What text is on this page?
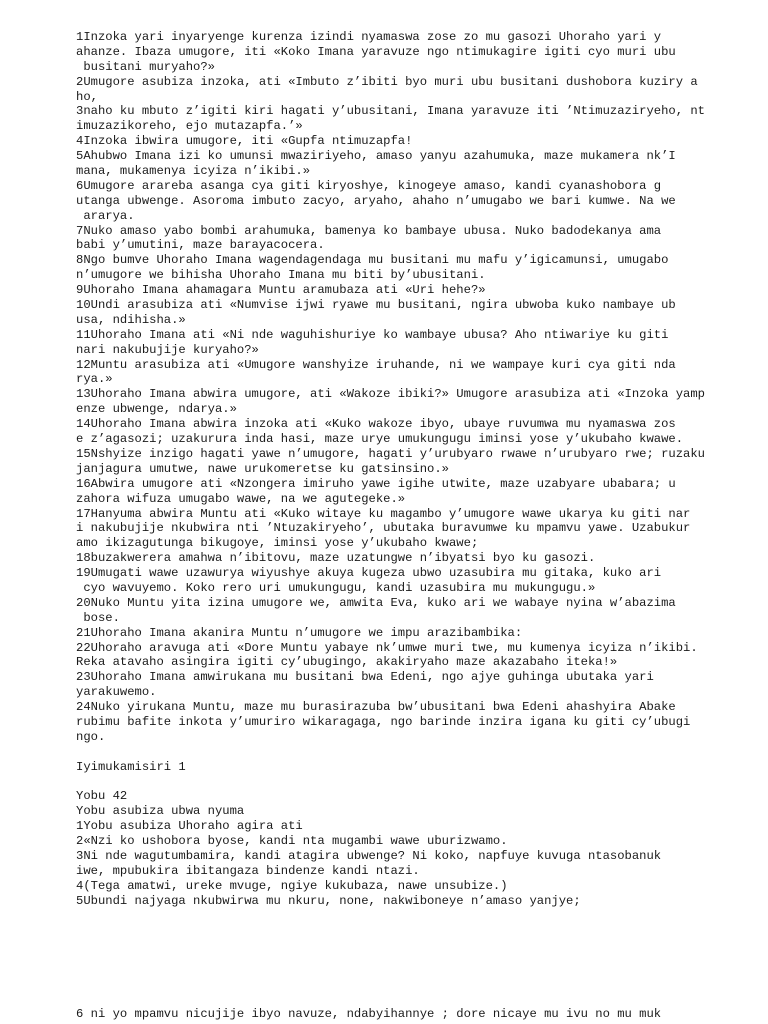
1Inzoka yari inyaryenge kurenza izindi nyamaswa zose zo mu gasozi Uhoraho yari y
ahanze. Ibaza umugore, iti «Koko Imana yaravuze ngo ntimukagire igiti cyo muri ubu
busitani muryaho?»
2Umugore asubiza inzoka, ati «Imbuto z’ibiti byo muri ubu busitani dushobora kuziry a
ho,
3naho ku mbuto z’igiti kiri hagati y’ubusitani, Imana yaravuze iti ’Ntimuzaziryeho, nt
imuzazikoreho, ejo mutazapfa.’»
4Inzoka ibwira umugore, iti «Gupfa ntimuzapfa!
5Ahubwo Imana izi ko umunsi mwaziriyeho, amaso yanyu azahumuka, maze mukamera nk’I
mana, mukamenya icyiza n’ikibi.»
6Umugore arareba asanga cya giti kiryoshye, kinogeye amaso, kandi cyanashobora g
utanga ubwenge. Asoroma imbuto zacyo, aryaho, ahaho n’umugabo we bari kumwe. Na we
ararya.
7Nuko amaso yabo bombi arahumuka, bamenya ko bambaye ubusa. Nuko badodekanya ama
babi y’umutini, maze barayacocera.
8Ngo bumve Uhoraho Imana wagendagendaga mu busitani mu mafu y’igicamunsi, umugabo
n’umugore we bihisha Uhoraho Imana mu biti by’ubusitani.
9Uhoraho Imana ahamagara Muntu aramubaza ati «Uri hehe?»
10Undi arasubiza ati «Numvise ijwi ryawe mu busitani, ngira ubwoba kuko nambaye ub
usa, ndihisha.»
11Uhoraho Imana ati «Ni nde waguhishuriye ko wambaye ubusa? Aho ntiwariye ku giti
nari nakubujije kuryaho?»
12Muntu arasubiza ati «Umugore wanshyize iruhande, ni we wampaye kuri cya giti nda
rya.»
13Uhoraho Imana abwira umugore, ati «Wakoze ibiki?» Umugore arasubiza ati «Inzoka yamp
enze ubwenge, ndarya.»
14Uhoraho Imana abwira inzoka ati «Kuko wakoze ibyo, ubaye ruvumwa mu nyamaswa zos
e z’agasozi; uzakurura inda hasi, maze urye umukungugu iminsi yose y’ukubaho kwawe.
15Nshyize inzigo hagati yawe n’umugore, hagati y’urubyaro rwawe n’urubyaro rwe; ruzaku
janjagura umutwe, nawe urukomeretse ku gatsinsino.»
16Abwira umugore ati «Nzongera imiruho yawe igihe utwite, maze uzabyare ubabara; u
zahora wifuza umugabo wawe, na we agutegeke.»
17Hanyuma abwira Muntu ati «Kuko witaye ku magambo y’umugore wawe ukarya ku giti nar
i nakubujije nkubwira nti ’Ntuzakiryeho’, ubutaka buravumwe ku mpamvu yawe. Uzabukur
amo ikizagutunga bikugoye, iminsi yose y’ukubaho kwawe;
18buzakwerera amahwa n’ibitovu, maze uzatungwe n’ibyatsi byo ku gasozi.
19Umugati wawe uzawurya wiyushye akuya kugeza ubwo uzasubira mu gitaka, kuko ari
cyo wavuyemo. Koko rero uri umukungugu, kandi uzasubira mu mukungugu.»
20Nuko Muntu yita izina umugore we, amwita Eva, kuko ari we wabaye nyina w’abazima
bose.
21Uhoraho Imana akanira Muntu n’umugore we impu arazibambika:
22Uhoraho aravuga ati «Dore Muntu yabaye nk’umwe muri twe, mu kumenya icyiza n’ikibi.
Reka atavaho asingira igiti cy’ubugingo, akakiryaho maze akazabaho iteka!»
23Uhoraho Imana amwirukana mu busitani bwa Edeni, ngo ajye guhinga ubutaka yari
yarakuwemo.
24Nuko yirukana Muntu, maze mu burasirazuba bw’ubusitani bwa Edeni ahashyira Abake
rubimu bafite inkota y’umuriro wikaragaga, ngo barinde inzira igana ku giti cy’ubugi
ngo.
Iyimukamisiri 1
Yobu 42
Yobu asubiza ubwa nyuma
1Yobu asubiza Uhoraho agira ati
2«Nzi ko ushobora byose, kandi nta mugambi wawe uburizwamo.
3Ni nde wagutumbamira, kandi atagira ubwenge? Ni koko, napfuye kuvuga ntasobanuk
iwe, mpubukira ibitangaza bindenze kandi ntazi.
4(Tega amatwi, ureke mvuge, ngiye kukubaza, nawe unsubize.)
5Ubundi najyaga nkubwirwa mu nkuru, none, nakwiboneye n’amaso yanjye;
6 ni yo mpamvu nicujije ibyo navuze, ndabyihannye ; dore nicaye mu ivu no mu muk
